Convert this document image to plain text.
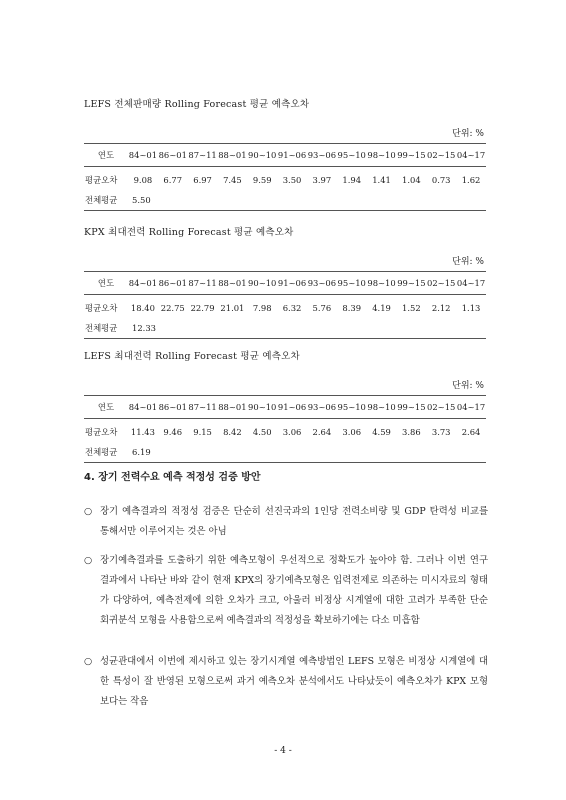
LEFS 전체판매량 Rolling Forecast 평균 예측오차
단위: %
연도	84~01	86~01	87~11	88~01	90~10	91~06	93~06	95~10	98~10	99~15	02~15	04~17
평균오차	9.08	6.77	6.97	7.45	9.59	3.50	3.97	1.94	1.41	1.04	0.73	1.62
전체평균	5.50											
KPX 최대전력 Rolling Forecast 평균 예측오차
단위: %
연도	84~01	86~01	87~11	88~01	90~10	91~06	93~06	95~10	98~10	99~15	02~15	04~17
평균오차	18.40	22.75	22.79	21.01	7.98	6.32	5.76	8.39	4.19	1.52	2.12	1.13
전체평균	12.33											
LEFS 최대전력 Rolling Forecast 평균 예측오차
단위: %
연도	84~01	86~01	87~11	88~01	90~10	91~06	93~06	95~10	98~10	99~15	02~15	04~17
평균오차	11.43	9.46	9.15	8.42	4.50	3.06	2.64	3.06	4.59	3.86	3.73	2.64
전체평균	6.19											
4. 장기 전력수요 예측 적정성 검증 방안
○ 장기 예측결과의 적정성 검증은 단순히 선진국과의 1인당 전력소비량 및 GDP 탄력성 비교를 통해서만 이루어지는 것은 아님
○ 장기예측결과를 도출하기 위한 예측모형이 우선적으로 정확도가 높아야 함. 그러나 이번 연구 결과에서 나타난 바와 같이 현재 KPX의 장기예측모형은 입력전제로 의존하는 미시자료의 형태가 다양하여, 예측전제에 의한 오차가 크고, 아울러 비정상 시계열에 대한 고려가 부족한 단순 회귀분석 모형을 사용함으로써 예측결과의 적정성을 확보하기에는 다소 미흡함
○ 성균관대에서 이번에 제시하고 있는 장기시계열 예측방법인 LEFS 모형은 비정상 시계열에 대한 특성이 잘 반영된 모형으로써 과거 예측오차 분석에서도 나타났듯이 예측오차가 KPX 모형 보다는 작음
- 4 -
